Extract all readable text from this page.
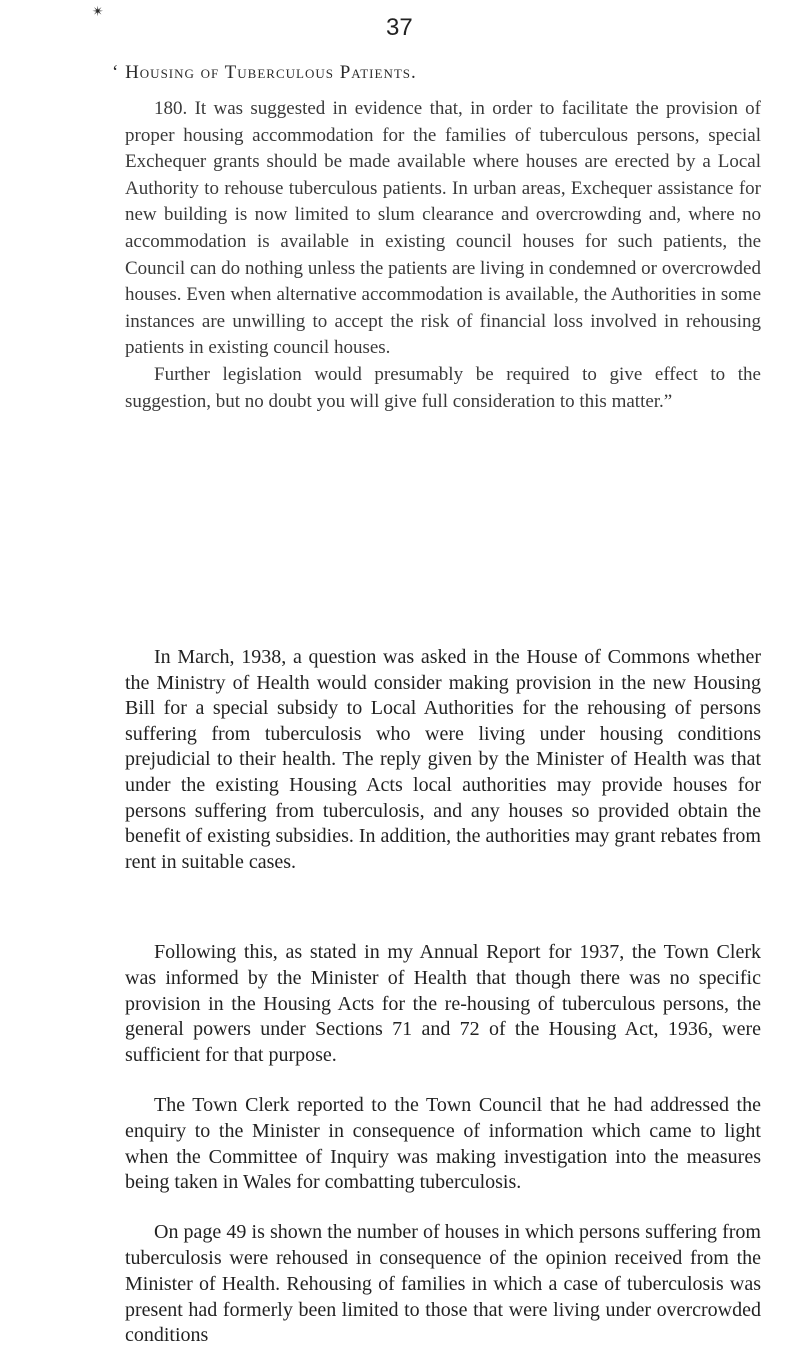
✴
37
‘ Housing of Tuberculous Patients.

180. It was suggested in evidence that, in order to facilitate the provision of proper housing accommodation for the families of tuberculous persons, special Exchequer grants should be made available where houses are erected by a Local Authority to rehouse tuberculous patients. In urban areas, Exchequer assistance for new building is now limited to slum clearance and overcrowding and, where no accommodation is available in existing council houses for such patients, the Council can do nothing unless the patients are living in condemned or overcrowded houses. Even when alternative accommodation is available, the Authorities in some instances are unwilling to accept the risk of financial loss involved in rehousing patients in existing council houses.

Further legislation would presumably be required to give effect to the suggestion, but no doubt you will give full consideration to this matter.”

In March, 1938, a question was asked in the House of Commons whether the Ministry of Health would consider making provision in the new Housing Bill for a special subsidy to Local Authorities for the rehousing of persons suffering from tuberculosis who were living under housing conditions prejudicial to their health. The reply given by the Minister of Health was that under the existing Housing Acts local authorities may provide houses for persons suffering from tuberculosis, and any houses so provided obtain the benefit of existing subsidies. In addition, the authorities may grant rebates from rent in suitable cases.

Following this, as stated in my Annual Report for 1937, the Town Clerk was informed by the Minister of Health that though there was no specific provision in the Housing Acts for the re-housing of tuberculous persons, the general powers under Sections 71 and 72 of the Housing Act, 1936, were sufficient for that purpose.

The Town Clerk reported to the Town Council that he had addressed the enquiry to the Minister in consequence of information which came to light when the Committee of Inquiry was making investigation into the measures being taken in Wales for combatting tuberculosis.

On page 49 is shown the number of houses in which persons suffering from tuberculosis were rehoused in consequence of the opinion received from the Minister of Health. Rehousing of families in which a case of tuberculosis was present had formerly been limited to those that were living under overcrowded conditions
